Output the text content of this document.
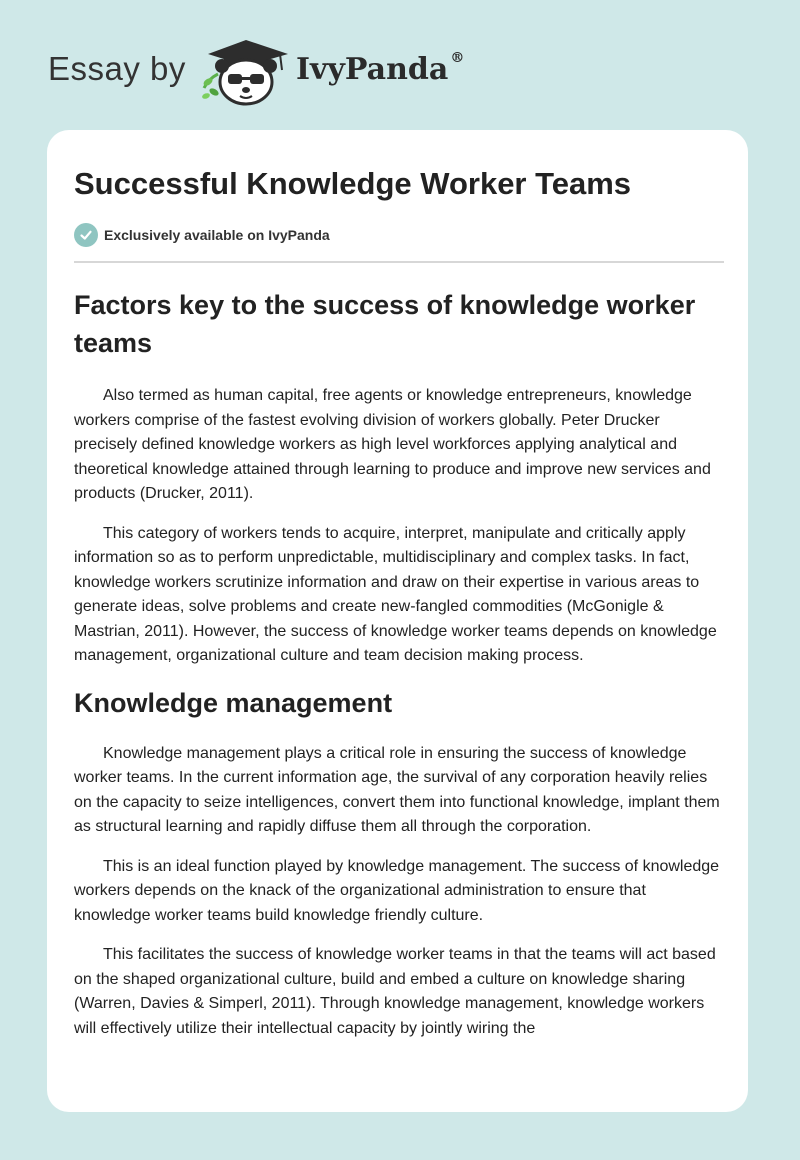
Essay by	IvyPanda ®
Successful Knowledge Worker Teams
Exclusively available on IvyPanda
Factors key to the success of knowledge worker teams

Also termed as human capital, free agents or knowledge entrepreneurs, knowledge workers comprise of the fastest evolving division of workers globally. Peter Drucker precisely defined knowledge workers as high level workforces applying analytical and theoretical knowledge attained through learning to produce and improve new services and products (Drucker, 2011).

This category of workers tends to acquire, interpret, manipulate and critically apply information so as to perform unpredictable, multidisciplinary and complex tasks. In fact, knowledge workers scrutinize information and draw on their expertise in various areas to generate ideas, solve problems and create new-fangled commodities (McGonigle & Mastrian, 2011). However, the success of knowledge worker teams depends on knowledge management, organizational culture and team decision making process.

Knowledge management

Knowledge management plays a critical role in ensuring the success of knowledge worker teams. In the current information age, the survival of any corporation heavily relies on the capacity to seize intelligences, convert them into functional knowledge, implant them as structural learning and rapidly diffuse them all through the corporation.

This is an ideal function played by knowledge management. The success of knowledge workers depends on the knack of the organizational administration to ensure that knowledge worker teams build knowledge friendly culture.

This facilitates the success of knowledge worker teams in that the teams will act based on the shaped organizational culture, build and embed a culture on knowledge sharing (Warren, Davies & Simperl, 2011). Through knowledge management, knowledge workers will effectively utilize their intellectual capacity by jointly wiring the
